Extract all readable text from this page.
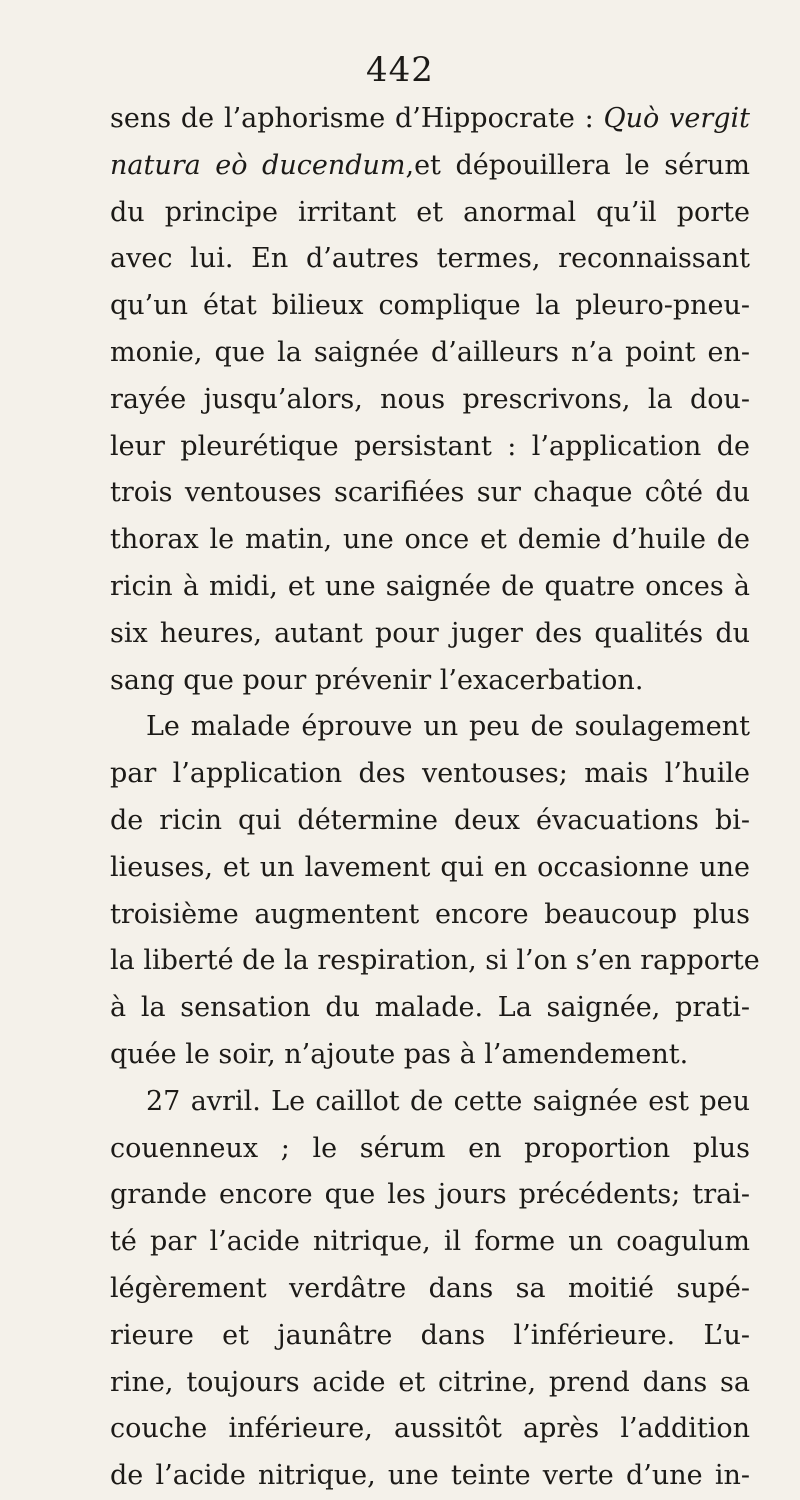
442
sens de l’aphorisme d’Hippocrate : Quò vergit
natura eò ducendum,et dépouillera le sérum
du principe irritant et anormal qu’il porte
avec lui. En d’autres termes, reconnaissant
qu’un état bilieux complique la pleuro-pneu-
monie, que la saignée d’ailleurs n’a point en-
rayée jusqu’alors, nous prescrivons, la dou-
leur pleurétique persistant : l’application de
trois ventouses scarifiées sur chaque côté du
thorax le matin, une once et demie d’huile de
ricin à midi, et une saignée de quatre onces à
six heures, autant pour juger des qualités du
sang que pour prévenir l’exacerbation.
Le malade éprouve un peu de soulagement
par l’application des ventouses; mais l’huile
de ricin qui détermine deux évacuations bi-
lieuses, et un lavement qui en occasionne une
troisième augmentent encore beaucoup plus
la liberté de la respiration, si l’on s’en rapporte
à la sensation du malade. La saignée, prati-
quée le soir, n’ajoute pas à l’amendement.
27 avril. Le caillot de cette saignée est peu
couenneux ; le sérum en proportion plus
grande encore que les jours précédents; trai-
té par l’acide nitrique, il forme un coagulum
légèrement verdâtre dans sa moitié supé-
rieure et jaunâtre dans l’inférieure. L’u-
rine, toujours acide et citrine, prend dans sa
couche inférieure, aussitôt après l’addition
de l’acide nitrique, une teinte verte d’une in-
